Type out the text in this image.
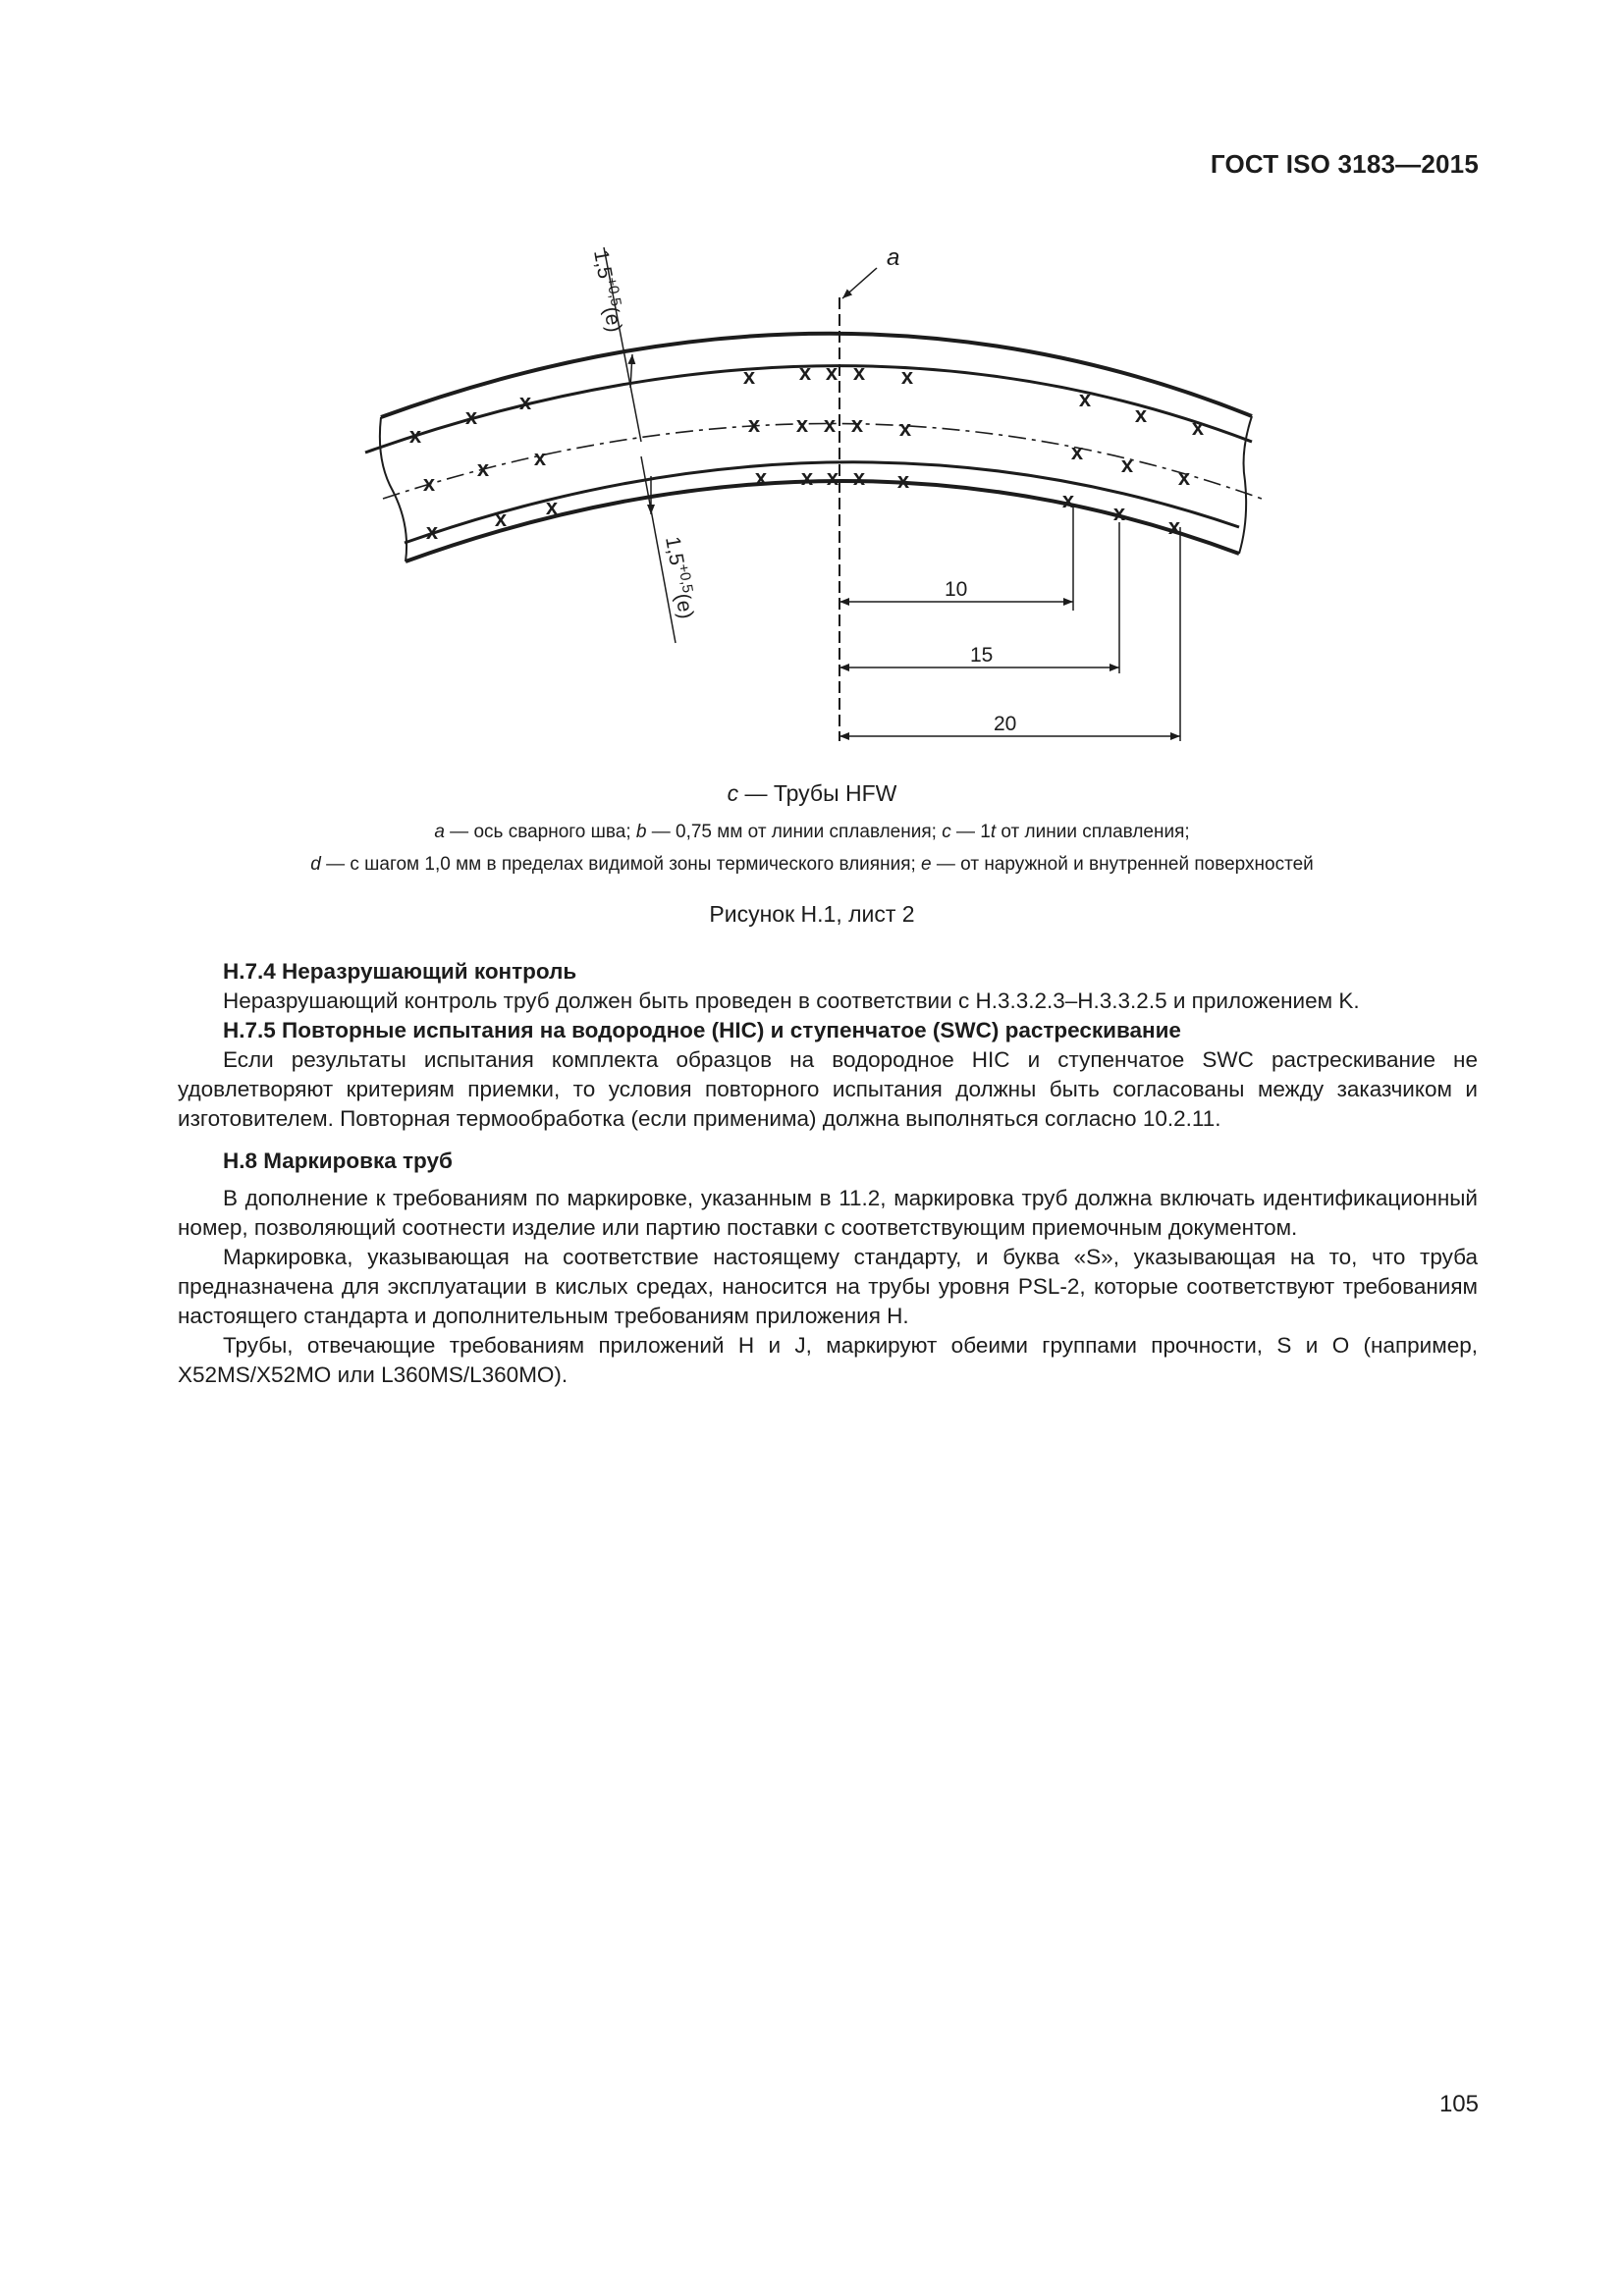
ГОСТ ISO 3183—2015
x
x
x
x x x x x
x
x
x
x
x x
x x x x x
x
x
x
x
x x
x x x x x
x
x
x
a
$1,5^{+0,5}(e)$
$1,5^{+0,5}(e)$
10
15
20
c — Трубы HFW
a — ось сварного шва; b — 0,75 мм от линии сплавления; c — 1t от линии сплавления;
d — с шагом 1,0 мм в пределах видимой зоны термического влияния; e — от наружной и внутренней поверхностей
Рисунок H.1, лист 2
H.7.4 Неразрушающий контроль

Неразрушающий контроль труб должен быть проведен в соответствии с H.3.3.2.3–H.3.3.2.5 и приложением K.

H.7.5 Повторные испытания на водородное (HIC) и ступенчатое (SWC) растрескивание

Если результаты испытания комплекта образцов на водородное HIC и ступенчатое SWC растрескивание не удовлетворяют критериям приемки, то условия повторного испытания должны быть согласованы между заказчиком и изготовителем. Повторная термообработка (если применима) должна выполняться согласно 10.2.11.

H.8 Маркировка труб

В дополнение к требованиям по маркировке, указанным в 11.2, маркировка труб должна включать идентификационный номер, позволяющий соотнести изделие или партию поставки с соответствующим приемочным документом.

Маркировка, указывающая на соответствие настоящему стандарту, и буква «S», указывающая на то, что труба предназначена для эксплуатации в кислых средах, наносится на трубы уровня PSL-2, которые соответствуют требованиям настоящего стандарта и дополнительным требованиям приложения H.

Трубы, отвечающие требованиям приложений H и J, маркируют обеими группами прочности, S и O (например, X52MS/X52MO или L360MS/L360MO).

105
